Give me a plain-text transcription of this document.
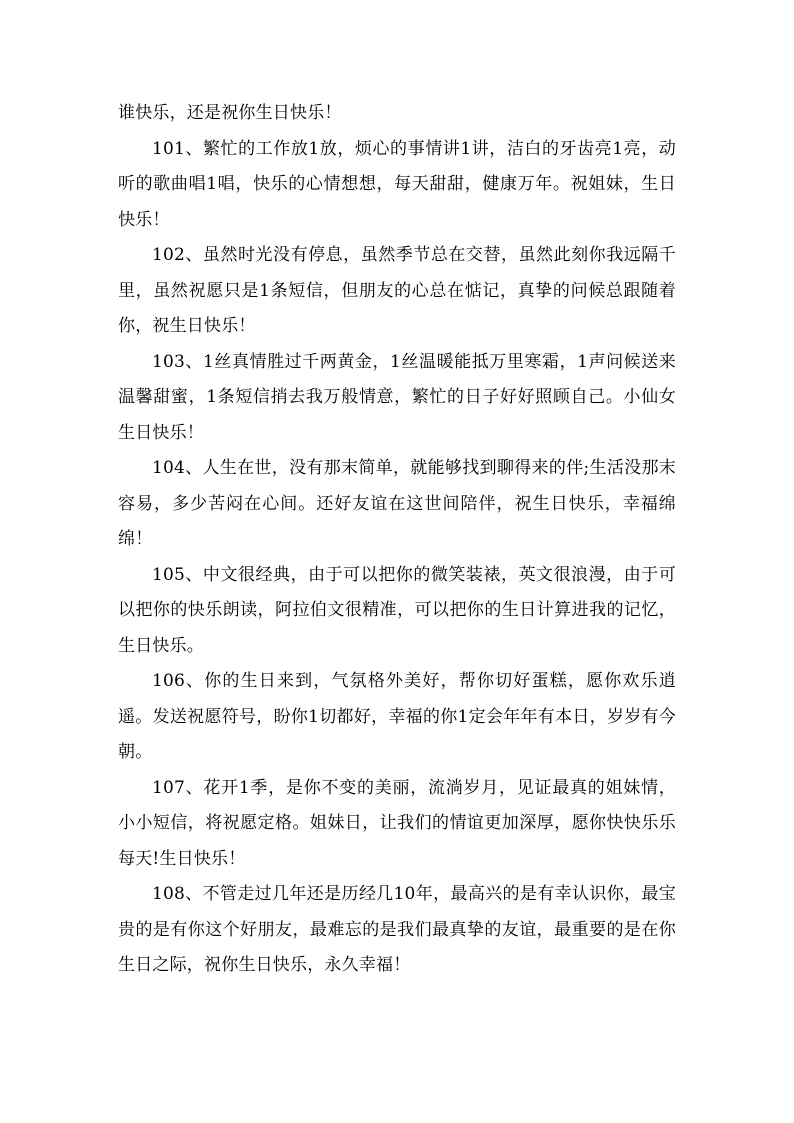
谁快乐，还是祝你生日快乐！

101、繁忙的工作放1放，烦心的事情讲1讲，洁白的牙齿亮1亮，动听的歌曲唱1唱，快乐的心情想想，每天甜甜，健康万年。祝姐妹，生日快乐！

102、虽然时光没有停息，虽然季节总在交替，虽然此刻你我远隔千里，虽然祝愿只是1条短信，但朋友的心总在惦记，真挚的问候总跟随着你，祝生日快乐！

103、1丝真情胜过千两黄金，1丝温暖能抵万里寒霜，1声问候送来温馨甜蜜，1条短信捎去我万般情意，繁忙的日子好好照顾自己。小仙女生日快乐！

104、人生在世，没有那末简单，就能够找到聊得来的伴;生活没那末容易，多少苦闷在心间。还好友谊在这世间陪伴，祝生日快乐，幸福绵绵！

105、中文很经典，由于可以把你的微笑装裱，英文很浪漫，由于可以把你的快乐朗读，阿拉伯文很精准，可以把你的生日计算进我的记忆，生日快乐。

106、你的生日来到，气氛格外美好，帮你切好蛋糕，愿你欢乐逍遥。发送祝愿符号，盼你1切都好，幸福的你1定会年年有本日，岁岁有今朝。

107、花开1季，是你不变的美丽，流淌岁月，见证最真的姐妹情，小小短信，将祝愿定格。姐妹日，让我们的情谊更加深厚，愿你快快乐乐每天!生日快乐！

108、不管走过几年还是历经几10年，最高兴的是有幸认识你，最宝贵的是有你这个好朋友，最难忘的是我们最真挚的友谊，最重要的是在你生日之际，祝你生日快乐，永久幸福！
